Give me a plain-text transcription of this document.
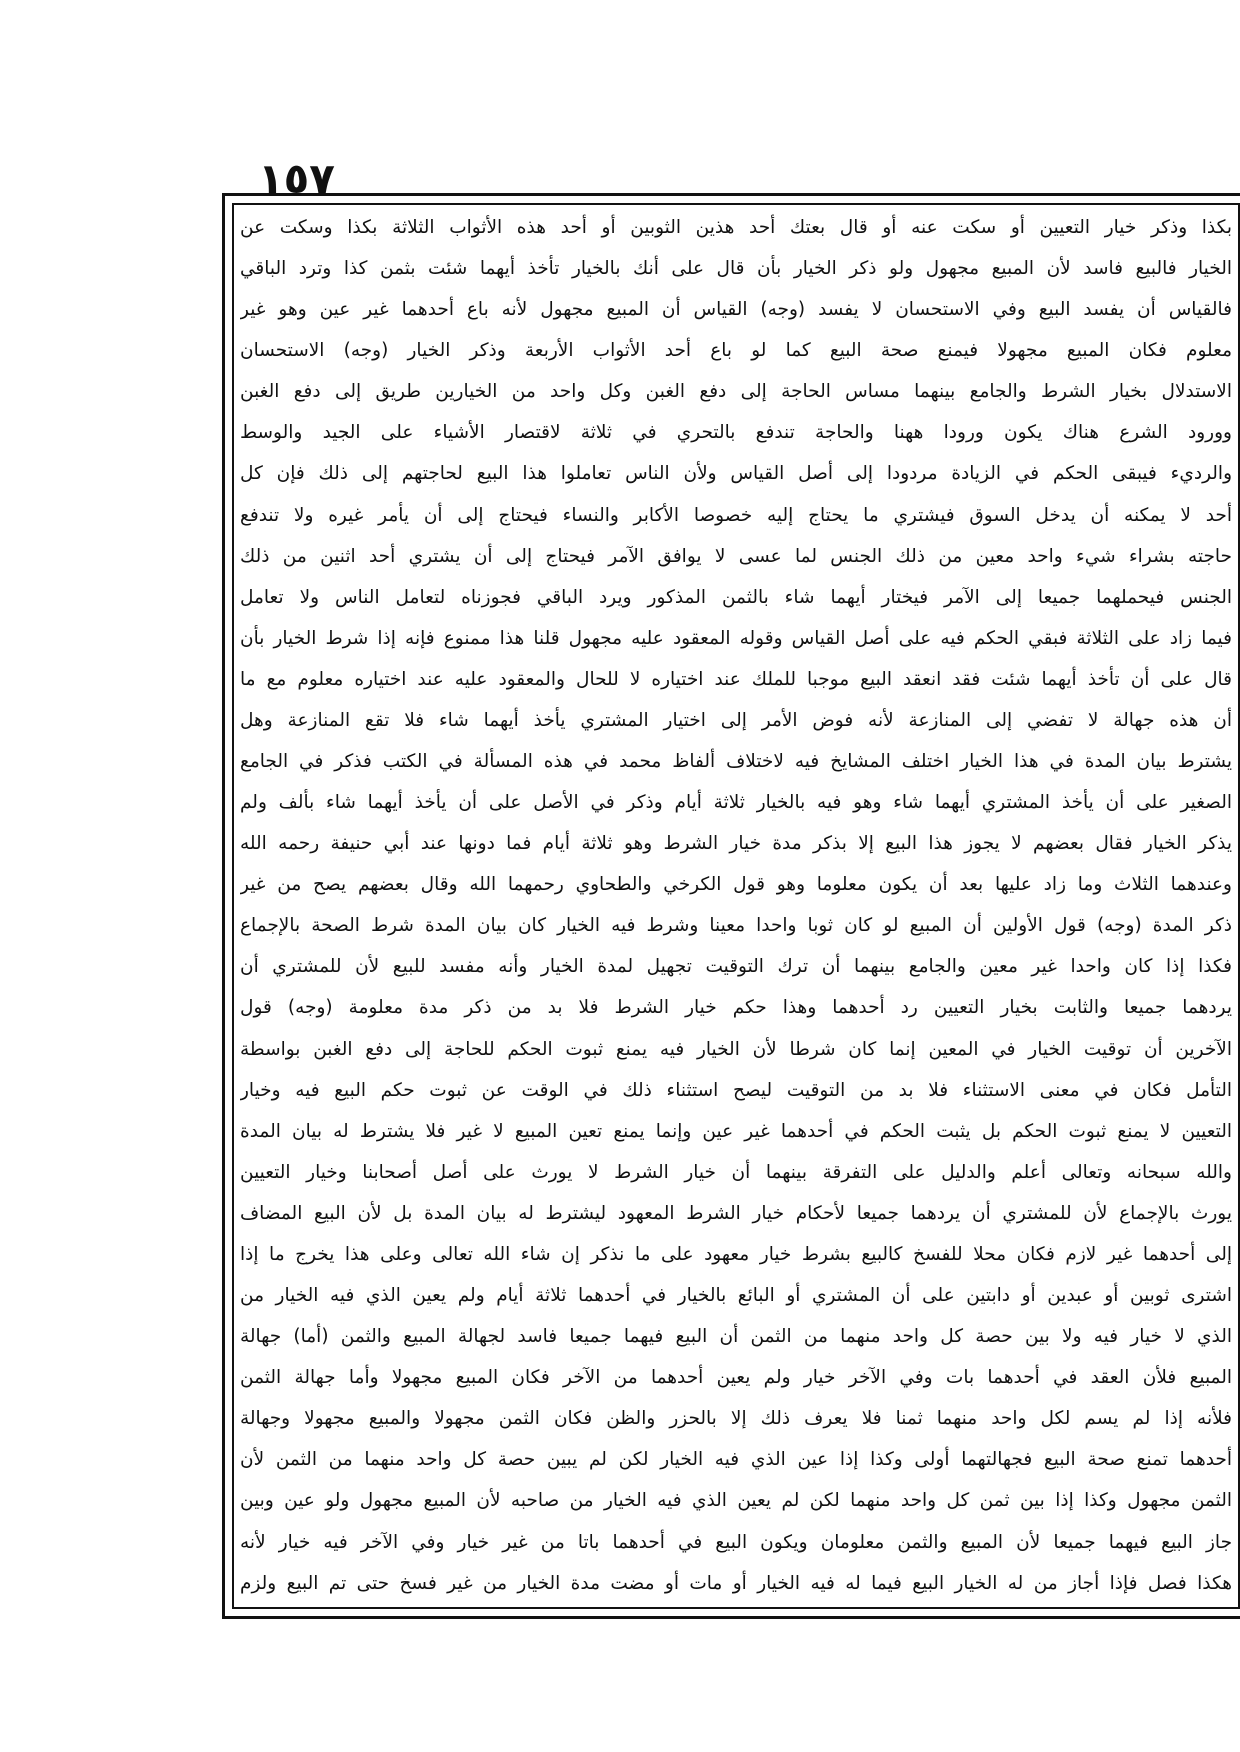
١٥٧
بكذا وذكر خيار التعيين أو سكت عنه أو قال بعتك أحد هذين الثوبين أو أحد هذه الأثواب الثلاثة بكذا وسكت عن
الخيار فالبيع فاسد لأن المبيع مجهول ولو ذكر الخيار بأن قال على أنك بالخيار تأخذ أيهما شئت بثمن كذا وترد الباقي
فالقياس أن يفسد البيع وفي الاستحسان لا يفسد (وجه) القياس أن المبيع مجهول لأنه باع أحدهما غير عين وهو غير
معلوم فكان المبيع مجهولا فيمنع صحة البيع كما لو باع أحد الأثواب الأربعة وذكر الخيار (وجه) الاستحسان
الاستدلال بخيار الشرط والجامع بينهما مساس الحاجة إلى دفع الغبن وكل واحد من الخيارين طريق إلى دفع الغبن
وورود الشرع هناك يكون ورودا ههنا والحاجة تندفع بالتحري في ثلاثة لاقتصار الأشياء على الجيد والوسط
والرديء فيبقى الحكم في الزيادة مردودا إلى أصل القياس ولأن الناس تعاملوا هذا البيع لحاجتهم إلى ذلك فإن كل
أحد لا يمكنه أن يدخل السوق فيشتري ما يحتاج إليه خصوصا الأكابر والنساء فيحتاج إلى أن يأمر غيره ولا تندفع
حاجته بشراء شيء واحد معين من ذلك الجنس لما عسى لا يوافق الآمر فيحتاج إلى أن يشتري أحد اثنين من ذلك
الجنس فيحملهما جميعا إلى الآمر فيختار أيهما شاء بالثمن المذكور ويرد الباقي فجوزناه لتعامل الناس ولا تعامل
فيما زاد على الثلاثة فبقي الحكم فيه على أصل القياس وقوله المعقود عليه مجهول قلنا هذا ممنوع فإنه إذا شرط الخيار بأن
قال على أن تأخذ أيهما شئت فقد انعقد البيع موجبا للملك عند اختياره لا للحال والمعقود عليه عند اختياره معلوم مع ما
أن هذه جهالة لا تفضي إلى المنازعة لأنه فوض الأمر إلى اختيار المشتري يأخذ أيهما شاء فلا تقع المنازعة وهل
يشترط بيان المدة في هذا الخيار اختلف المشايخ فيه لاختلاف ألفاظ محمد في هذه المسألة في الكتب فذكر في الجامع
الصغير على أن يأخذ المشتري أيهما شاء وهو فيه بالخيار ثلاثة أيام وذكر في الأصل على أن يأخذ أيهما شاء بألف ولم
يذكر الخيار فقال بعضهم لا يجوز هذا البيع إلا بذكر مدة خيار الشرط وهو ثلاثة أيام فما دونها عند أبي حنيفة رحمه الله
وعندهما الثلاث وما زاد عليها بعد أن يكون معلوما وهو قول الكرخي والطحاوي رحمهما الله وقال بعضهم يصح من غير
ذكر المدة (وجه) قول الأولين أن المبيع لو كان ثوبا واحدا معينا وشرط فيه الخيار كان بيان المدة شرط الصحة بالإجماع
فكذا إذا كان واحدا غير معين والجامع بينهما أن ترك التوقيت تجهيل لمدة الخيار وأنه مفسد للبيع لأن للمشتري أن
يردهما جميعا والثابت بخيار التعيين رد أحدهما وهذا حكم خيار الشرط فلا بد من ذكر مدة معلومة (وجه) قول
الآخرين أن توقيت الخيار في المعين إنما كان شرطا لأن الخيار فيه يمنع ثبوت الحكم للحاجة إلى دفع الغبن بواسطة
التأمل فكان في معنى الاستثناء فلا بد من التوقيت ليصح استثناء ذلك في الوقت عن ثبوت حكم البيع فيه وخيار
التعيين لا يمنع ثبوت الحكم بل يثبت الحكم في أحدهما غير عين وإنما يمنع تعين المبيع لا غير فلا يشترط له بيان المدة
والله سبحانه وتعالى أعلم والدليل على التفرقة بينهما أن خيار الشرط لا يورث على أصل أصحابنا وخيار التعيين
يورث بالإجماع لأن للمشتري أن يردهما جميعا لأحكام خيار الشرط المعهود ليشترط له بيان المدة بل لأن البيع المضاف
إلى أحدهما غير لازم فكان محلا للفسخ كالبيع بشرط خيار معهود على ما نذكر إن شاء الله تعالى وعلى هذا يخرج ما إذا
اشترى ثوبين أو عبدين أو دابتين على أن المشتري أو البائع بالخيار في أحدهما ثلاثة أيام ولم يعين الذي فيه الخيار من
الذي لا خيار فيه ولا بين حصة كل واحد منهما من الثمن أن البيع فيهما جميعا فاسد لجهالة المبيع والثمن (أما) جهالة
المبيع فلأن العقد في أحدهما بات وفي الآخر خيار ولم يعين أحدهما من الآخر فكان المبيع مجهولا وأما جهالة الثمن
فلأنه إذا لم يسم لكل واحد منهما ثمنا فلا يعرف ذلك إلا بالحزر والظن فكان الثمن مجهولا والمبيع مجهولا وجهالة
أحدهما تمنع صحة البيع فجهالتهما أولى وكذا إذا عين الذي فيه الخيار لكن لم يبين حصة كل واحد منهما من الثمن لأن
الثمن مجهول وكذا إذا بين ثمن كل واحد منهما لكن لم يعين الذي فيه الخيار من صاحبه لأن المبيع مجهول ولو عين وبين
جاز البيع فيهما جميعا لأن المبيع والثمن معلومان ويكون البيع في أحدهما باتا من غير خيار وفي الآخر فيه خيار لأنه
هكذا فصل فإذا أجاز من له الخيار البيع فيما له فيه الخيار أو مات أو مضت مدة الخيار من غير فسخ حتى تم البيع ولزم
